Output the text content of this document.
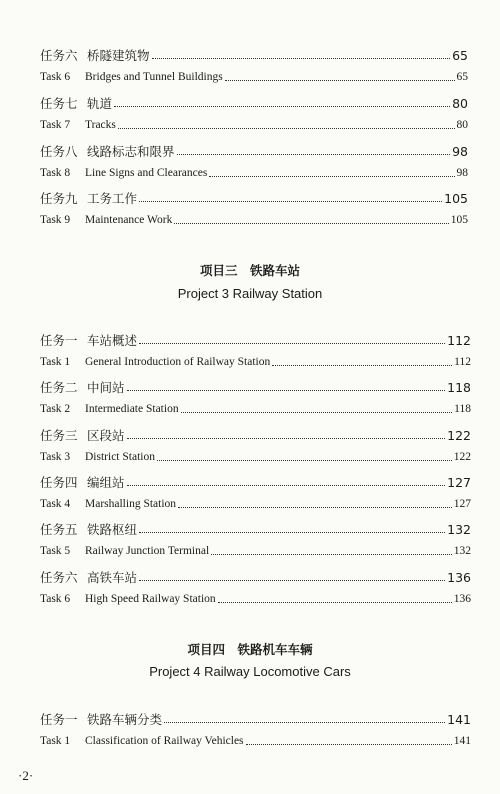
任务六 桥隧建筑物	65
Task 6	Bridges and Tunnel Buildings	65
任务七 轨道	80
Task 7	Tracks	80
任务八 线路标志和限界	98
Task 8	Line Signs and Clearances	98
任务九 工务工作	105
Task 9	Maintenance Work	105
项目三　铁路车站
Project 3 Railway Station
任务一 车站概述	112
Task 1	General Introduction of Railway Station	112
任务二 中间站	118
Task 2	Intermediate Station	118
任务三 区段站	122
Task 3	District Station	122
任务四 编组站	127
Task 4	Marshalling Station	127
任务五 铁路枢纽	132
Task 5	Railway Junction Terminal	132
任务六 高铁车站	136
Task 6	High Speed Railway Station	136
项目四　铁路机车车辆
Project 4 Railway Locomotive Cars
任务一 铁路车辆分类	141
Task 1	Classification of Railway Vehicles	141
·2·
